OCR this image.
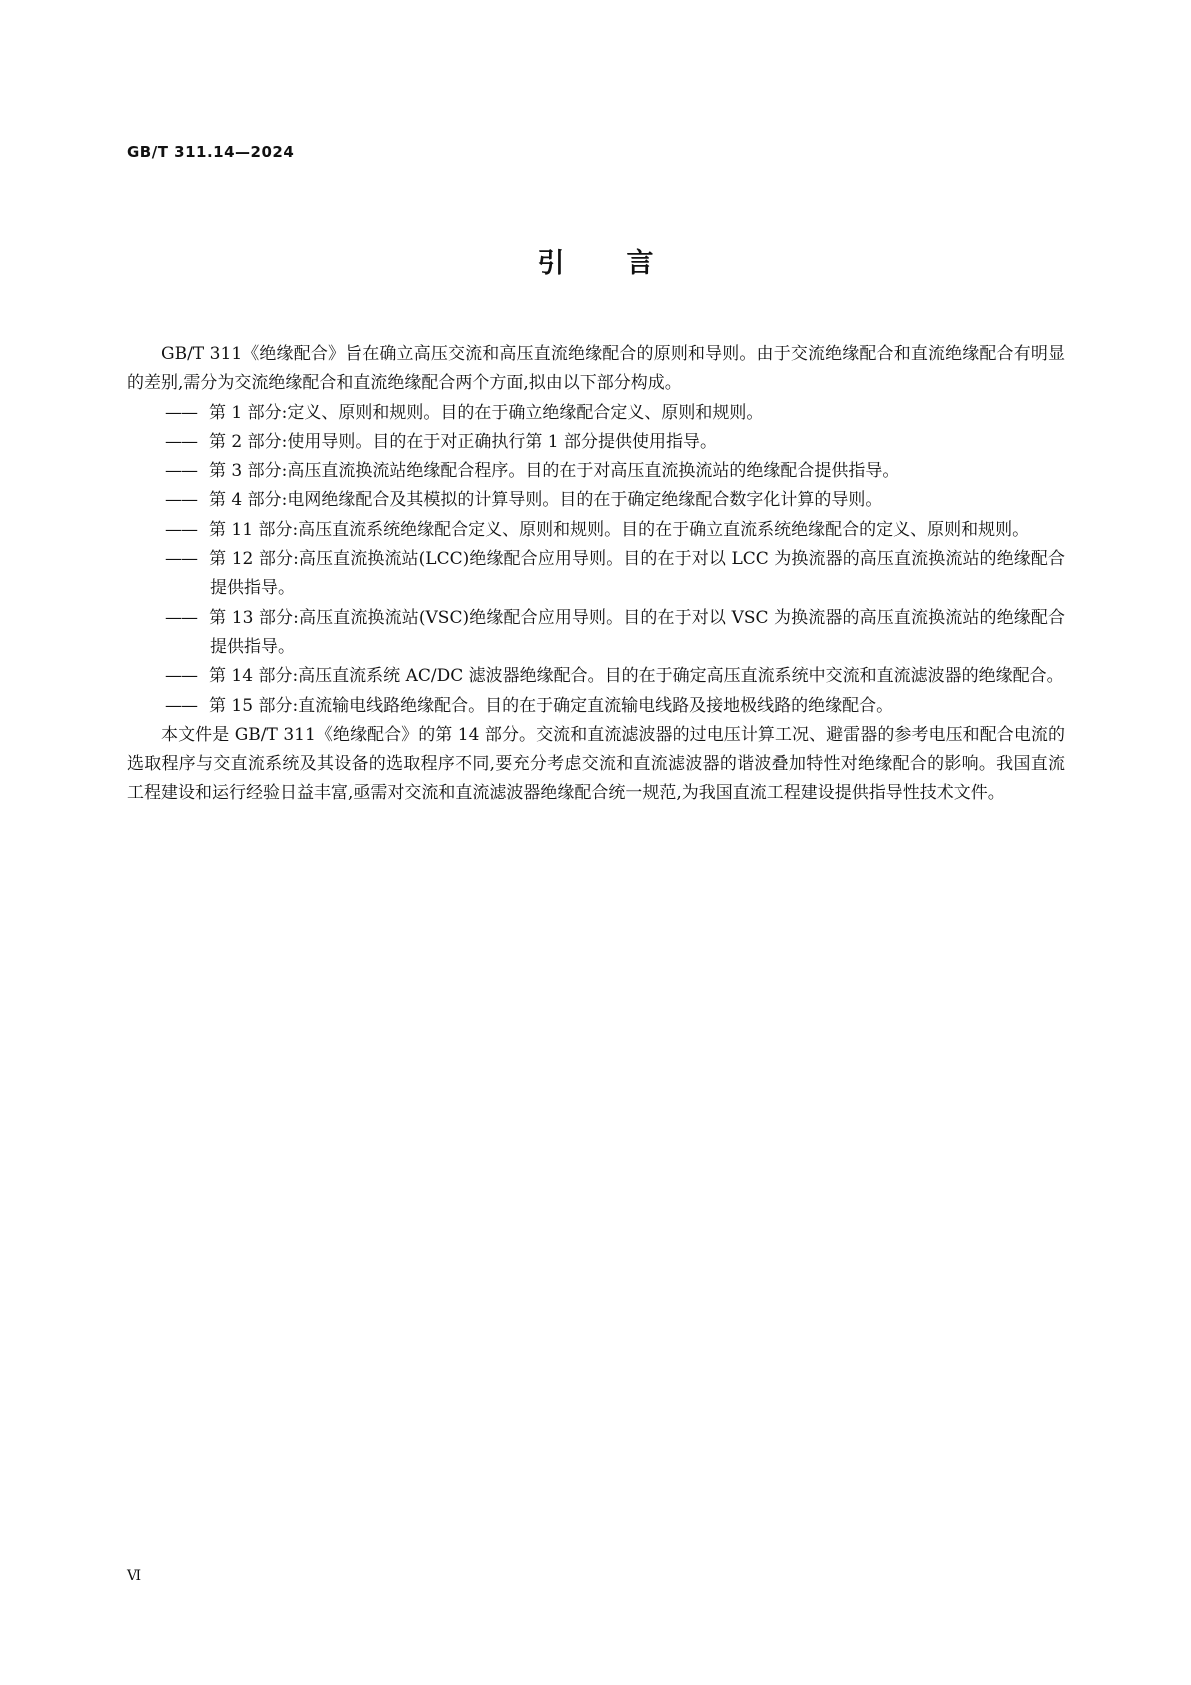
GB/T 311.14—2024

引言

GB/T 311《绝缘配合》旨在确立高压交流和高压直流绝缘配合的原则和导则。由于交流绝缘配合和直流绝缘配合有明显的差别,需分为交流绝缘配合和直流绝缘配合两个方面,拟由以下部分构成。

—— 第 1 部分:定义、原则和规则。目的在于确立绝缘配合定义、原则和规则。
—— 第 2 部分:使用导则。目的在于对正确执行第 1 部分提供使用指导。
—— 第 3 部分:高压直流换流站绝缘配合程序。目的在于对高压直流换流站的绝缘配合提供指导。
—— 第 4 部分:电网绝缘配合及其模拟的计算导则。目的在于确定绝缘配合数字化计算的导则。
—— 第 11 部分:高压直流系统绝缘配合定义、原则和规则。目的在于确立直流系统绝缘配合的定义、原则和规则。
—— 第 12 部分:高压直流换流站(LCC)绝缘配合应用导则。目的在于对以 LCC 为换流器的高压直流换流站的绝缘配合提供指导。
—— 第 13 部分:高压直流换流站(VSC)绝缘配合应用导则。目的在于对以 VSC 为换流器的高压直流换流站的绝缘配合提供指导。
—— 第 14 部分:高压直流系统 AC/DC 滤波器绝缘配合。目的在于确定高压直流系统中交流和直流滤波器的绝缘配合。
—— 第 15 部分:直流输电线路绝缘配合。目的在于确定直流输电线路及接地极线路的绝缘配合。

本文件是 GB/T 311《绝缘配合》的第 14 部分。交流和直流滤波器的过电压计算工况、避雷器的参考电压和配合电流的选取程序与交直流系统及其设备的选取程序不同,要充分考虑交流和直流滤波器的谐波叠加特性对绝缘配合的影响。我国直流工程建设和运行经验日益丰富,亟需对交流和直流滤波器绝缘配合统一规范,为我国直流工程建设提供指导性技术文件。

Ⅵ
